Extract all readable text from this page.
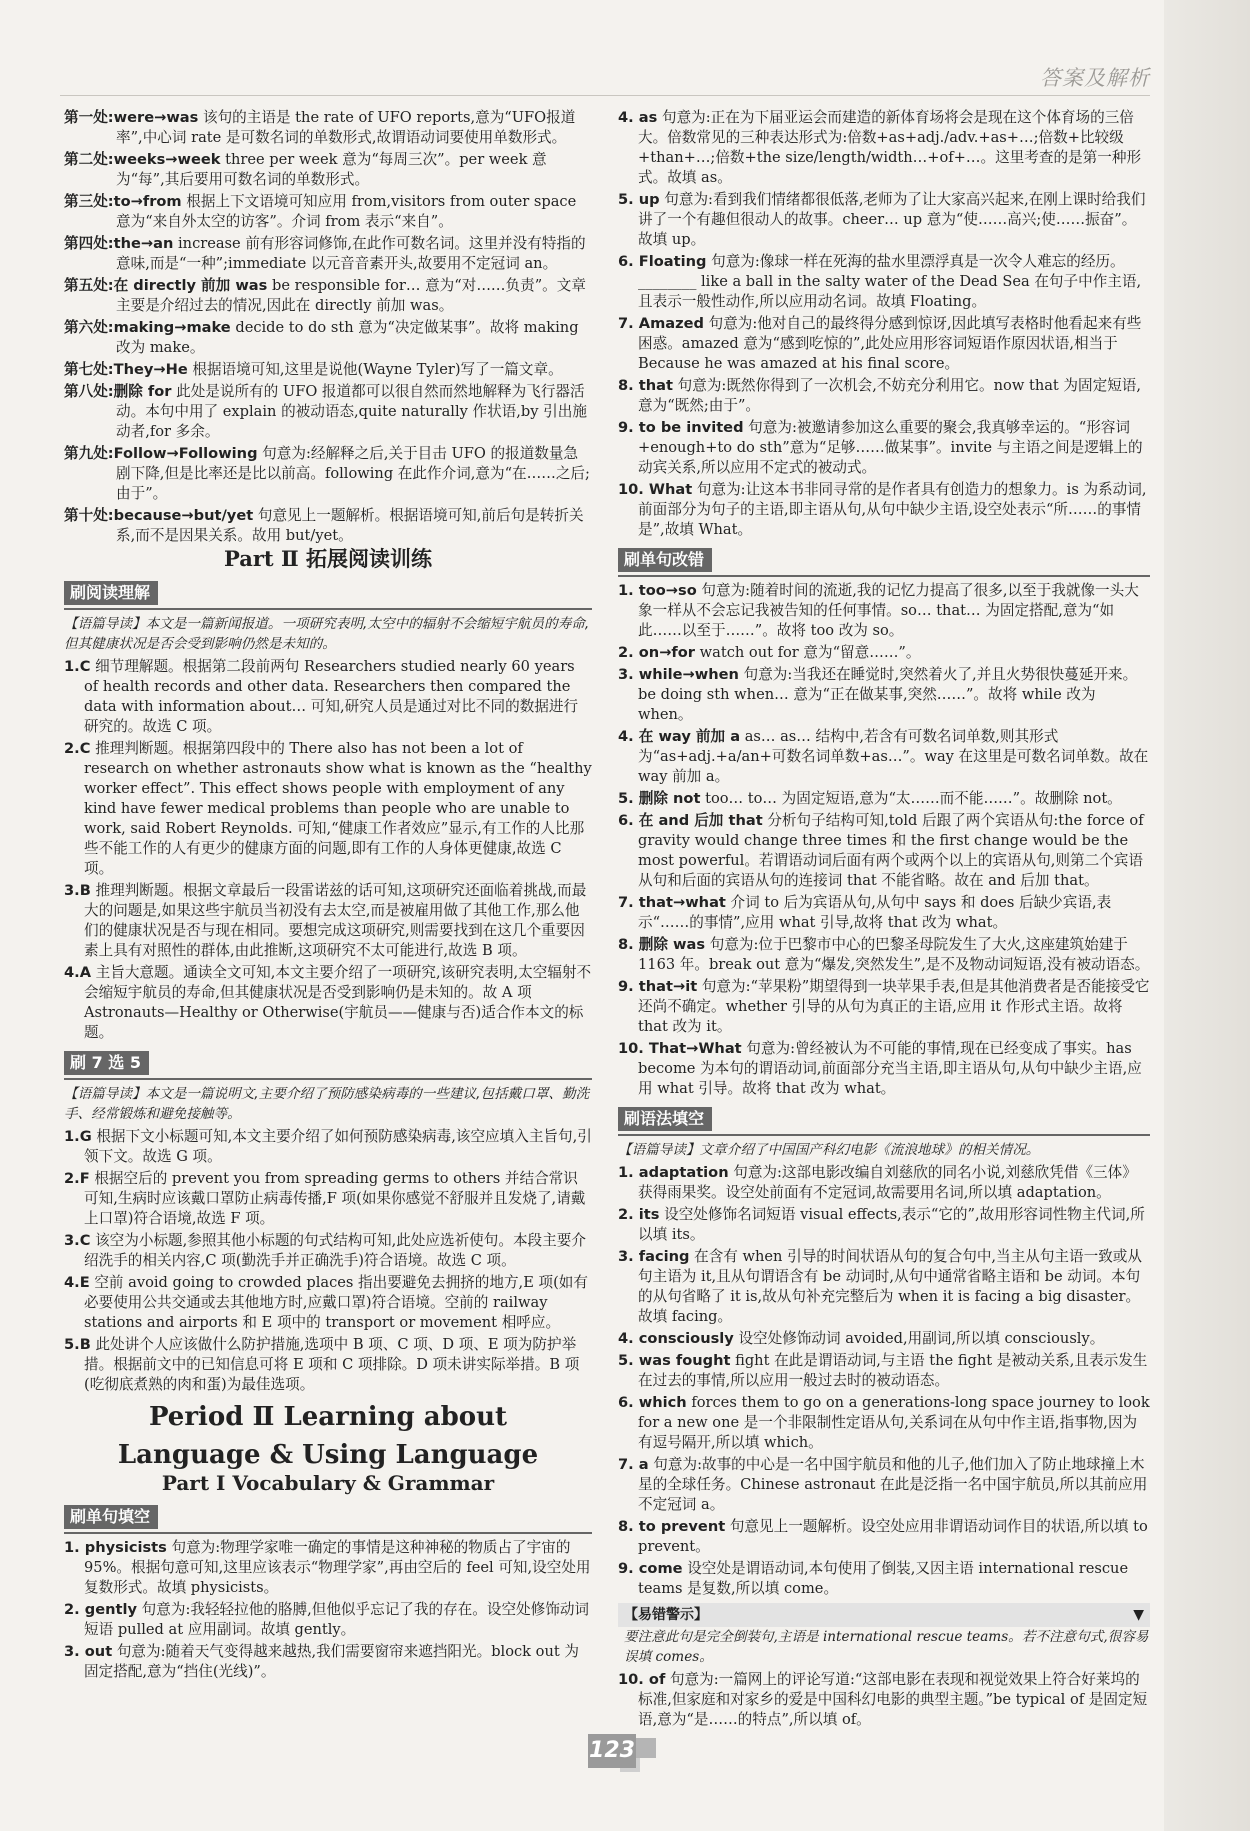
答案及解析
第一处:were→was 该句的主语是 the rate of UFO reports,意为“UFO报道率”,中心词 rate 是可数名词的单数形式,故谓语动词要使用单数形式。
第二处:weeks→week three per week 意为“每周三次”。per week 意为“每”,其后要用可数名词的单数形式。
第三处:to→from 根据上下文语境可知应用 from,visitors from outer space 意为“来自外太空的访客”。介词 from 表示“来自”。
第四处:the→an increase 前有形容词修饰,在此作可数名词。这里并没有特指的意味,而是“一种”;immediate 以元音音素开头,故要用不定冠词 an。
第五处:在 directly 前加 was be responsible for… 意为“对……负责”。文章主要是介绍过去的情况,因此在 directly 前加 was。
第六处:making→make decide to do sth 意为“决定做某事”。故将 making 改为 make。
第七处:They→He 根据语境可知,这里是说他(Wayne Tyler)写了一篇文章。
第八处:删除 for 此处是说所有的 UFO 报道都可以很自然而然地解释为飞行器活动。本句中用了 explain 的被动语态,quite naturally 作状语,by 引出施动者,for 多余。
第九处:Follow→Following 句意为:经解释之后,关于目击 UFO 的报道数量急剧下降,但是比率还是比以前高。following 在此作介词,意为“在……之后;由于”。
第十处:because→but/yet 句意见上一题解析。根据语境可知,前后句是转折关系,而不是因果关系。故用 but/yet。
Part Ⅱ 拓展阅读训练
刷阅读理解
【语篇导读】本文是一篇新闻报道。一项研究表明,太空中的辐射不会缩短宇航员的寿命,但其健康状况是否会受到影响仍然是未知的。
1.C 细节理解题。根据第二段前两句 Researchers studied nearly 60 years of health records and other data. Researchers then compared the data with information about… 可知,研究人员是通过对比不同的数据进行研究的。故选 C 项。
2.C 推理判断题。根据第四段中的 There also has not been a lot of research on whether astronauts show what is known as the “healthy worker effect”. This effect shows people with employment of any kind have fewer medical problems than people who are unable to work, said Robert Reynolds. 可知,“健康工作者效应”显示,有工作的人比那些不能工作的人有更少的健康方面的问题,即有工作的人身体更健康,故选 C 项。
3.B 推理判断题。根据文章最后一段雷诺兹的话可知,这项研究还面临着挑战,而最大的问题是,如果这些宇航员当初没有去太空,而是被雇用做了其他工作,那么他们的健康状况是否与现在相同。要想完成这项研究,则需要找到在这几个重要因素上具有对照性的群体,由此推断,这项研究不太可能进行,故选 B 项。
4.A 主旨大意题。通读全文可知,本文主要介绍了一项研究,该研究表明,太空辐射不会缩短宇航员的寿命,但其健康状况是否受到影响仍是未知的。故 A 项 Astronauts—Healthy or Otherwise(宇航员——健康与否)适合作本文的标题。
刷 7 选 5
【语篇导读】本文是一篇说明文,主要介绍了预防感染病毒的一些建议,包括戴口罩、勤洗手、经常锻炼和避免接触等。
1.G 根据下文小标题可知,本文主要介绍了如何预防感染病毒,该空应填入主旨句,引领下文。故选 G 项。
2.F 根据空后的 prevent you from spreading germs to others 并结合常识可知,生病时应该戴口罩防止病毒传播,F 项(如果你感觉不舒服并且发烧了,请戴上口罩)符合语境,故选 F 项。
3.C 该空为小标题,参照其他小标题的句式结构可知,此处应选祈使句。本段主要介绍洗手的相关内容,C 项(勤洗手并正确洗手)符合语境。故选 C 项。
4.E 空前 avoid going to crowded places 指出要避免去拥挤的地方,E 项(如有必要使用公共交通或去其他地方时,应戴口罩)符合语境。空前的 railway stations and airports 和 E 项中的 transport or movement 相呼应。
5.B 此处讲个人应该做什么防护措施,选项中 B 项、C 项、D 项、E 项为防护举措。根据前文中的已知信息可将 E 项和 C 项排除。D 项未讲实际举措。B 项(吃彻底煮熟的肉和蛋)为最佳选项。
Period Ⅱ Learning about
Language & Using Language
Part Ⅰ Vocabulary & Grammar
刷单句填空
1. physicists 句意为:物理学家唯一确定的事情是这种神秘的物质占了宇宙的 95%。根据句意可知,这里应该表示“物理学家”,再由空后的 feel 可知,设空处用复数形式。故填 physicists。
2. gently 句意为:我轻轻拉他的胳膊,但他似乎忘记了我的存在。设空处修饰动词短语 pulled at 应用副词。故填 gently。
3. out 句意为:随着天气变得越来越热,我们需要窗帘来遮挡阳光。block out 为固定搭配,意为“挡住(光线)”。
4. as 句意为:正在为下届亚运会而建造的新体育场将会是现在这个体育场的三倍大。倍数常见的三种表达形式为:倍数+as+adj./adv.+as+…;倍数+比较级+than+…;倍数+the size/length/width…+of+…。这里考查的是第一种形式。故填 as。
5. up 句意为:看到我们情绪都很低落,老师为了让大家高兴起来,在刚上课时给我们讲了一个有趣但很动人的故事。cheer… up 意为“使……高兴;使……振奋”。故填 up。
6. Floating 句意为:像球一样在死海的盐水里漂浮真是一次令人难忘的经历。________ like a ball in the salty water of the Dead Sea 在句子中作主语,且表示一般性动作,所以应用动名词。故填 Floating。
7. Amazed 句意为:他对自己的最终得分感到惊讶,因此填写表格时他看起来有些困惑。amazed 意为“感到吃惊的”,此处应用形容词短语作原因状语,相当于 Because he was amazed at his final score。
8. that 句意为:既然你得到了一次机会,不妨充分利用它。now that 为固定短语,意为“既然;由于”。
9. to be invited 句意为:被邀请参加这么重要的聚会,我真够幸运的。“形容词+enough+to do sth”意为“足够……做某事”。invite 与主语之间是逻辑上的动宾关系,所以应用不定式的被动式。
10. What 句意为:让这本书非同寻常的是作者具有创造力的想象力。is 为系动词,前面部分为句子的主语,即主语从句,从句中缺少主语,设空处表示“所……的事情是”,故填 What。
刷单句改错
1. too→so 句意为:随着时间的流逝,我的记忆力提高了很多,以至于我就像一头大象一样从不会忘记我被告知的任何事情。so… that… 为固定搭配,意为“如此……以至于……”。故将 too 改为 so。
2. on→for watch out for 意为“留意……”。
3. while→when 句意为:当我还在睡觉时,突然着火了,并且火势很快蔓延开来。be doing sth when… 意为“正在做某事,突然……”。故将 while 改为 when。
4. 在 way 前加 a as… as… 结构中,若含有可数名词单数,则其形式为“as+adj.+a/an+可数名词单数+as…”。way 在这里是可数名词单数。故在 way 前加 a。
5. 删除 not too… to… 为固定短语,意为“太……而不能……”。故删除 not。
6. 在 and 后加 that 分析句子结构可知,told 后跟了两个宾语从句:the force of gravity would change three times 和 the first change would be the most powerful。若谓语动词后面有两个或两个以上的宾语从句,则第二个宾语从句和后面的宾语从句的连接词 that 不能省略。故在 and 后加 that。
7. that→what 介词 to 后为宾语从句,从句中 says 和 does 后缺少宾语,表示“……的事情”,应用 what 引导,故将 that 改为 what。
8. 删除 was 句意为:位于巴黎市中心的巴黎圣母院发生了大火,这座建筑始建于 1163 年。break out 意为“爆发,突然发生”,是不及物动词短语,没有被动语态。
9. that→it 句意为:“苹果粉”期望得到一块苹果手表,但是其他消费者是否能接受它还尚不确定。whether 引导的从句为真正的主语,应用 it 作形式主语。故将 that 改为 it。
10. That→What 句意为:曾经被认为不可能的事情,现在已经变成了事实。has become 为本句的谓语动词,前面部分充当主语,即主语从句,从句中缺少主语,应用 what 引导。故将 that 改为 what。
刷语法填空
【语篇导读】文章介绍了中国国产科幻电影《流浪地球》的相关情况。
1. adaptation 句意为:这部电影改编自刘慈欣的同名小说,刘慈欣凭借《三体》获得雨果奖。设空处前面有不定冠词,故需要用名词,所以填 adaptation。
2. its 设空处修饰名词短语 visual effects,表示“它的”,故用形容词性物主代词,所以填 its。
3. facing 在含有 when 引导的时间状语从句的复合句中,当主从句主语一致或从句主语为 it,且从句谓语含有 be 动词时,从句中通常省略主语和 be 动词。本句的从句省略了 it is,故从句补充完整后为 when it is facing a big disaster。故填 facing。
4. consciously 设空处修饰动词 avoided,用副词,所以填 consciously。
5. was fought fight 在此是谓语动词,与主语 the fight 是被动关系,且表示发生在过去的事情,所以应用一般过去时的被动语态。
6. which forces them to go on a generations-long space journey to look for a new one 是一个非限制性定语从句,关系词在从句中作主语,指事物,因为有逗号隔开,所以填 which。
7. a 句意为:故事的中心是一名中国宇航员和他的儿子,他们加入了防止地球撞上木星的全球任务。Chinese astronaut 在此是泛指一名中国宇航员,所以其前应用不定冠词 a。
8. to prevent 句意见上一题解析。设空处应用非谓语动词作目的状语,所以填 to prevent。
9. come 设空处是谓语动词,本句使用了倒装,又因主语 international rescue teams 是复数,所以填 come。
【易错警示】	▼
要注意此句是完全倒装句,主语是 international rescue teams。若不注意句式,很容易误填 comes。
10. of 句意为:一篇网上的评论写道:“这部电影在表现和视觉效果上符合好莱坞的标准,但家庭和对家乡的爱是中国科幻电影的典型主题。”be typical of 是固定短语,意为“是……的特点”,所以填 of。
123
